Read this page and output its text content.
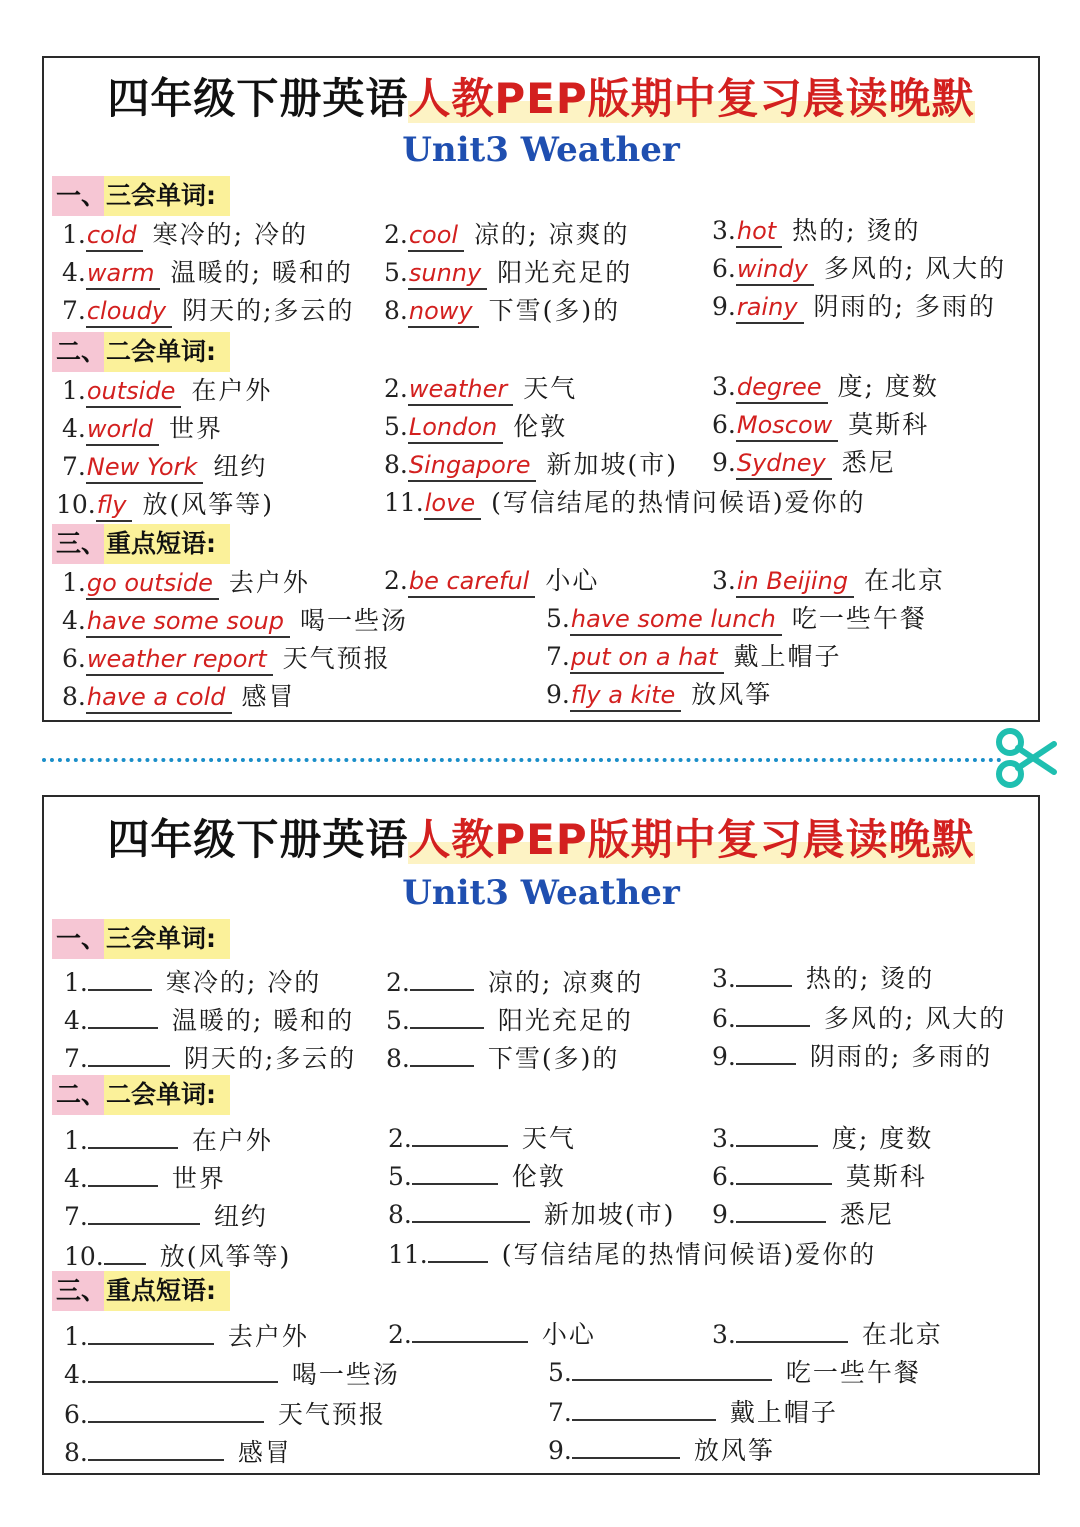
四年级下册英语人教PEP版期中复习晨读晚默
Unit3 Weather
一、三会单词:
二、二会单词:
三、重点短语:
1.cold 寒冷的; 冷的	2.cool 凉的; 凉爽的	3.hot 热的; 烫的
4.warm 温暖的; 暖和的 5.sunny 阳光充足的	6.windy 多风的; 风大的
7.cloudy 阴天的;多云的 8.nowy 下雪(多)的	9.rainy 阴雨的; 多雨的
1.outside 在户外	2.weather 天气	3.degree 度; 度数
4.world 世界	5.London 伦敦	6.Moscow 莫斯科
7.New York 纽约	8.Singapore 新加坡(市) 9.Sydney 悉尼
10.fly 放(风筝等)	11.love (写信结尾的热情问候语)爱你的
1.go outside 去户外	2.be careful 小心	3.in Beijing 在北京
4.have some soup 喝一些汤	5.have some lunch 吃一些午餐
6.weather report 天气预报	7.put on a hat 戴上帽子
8.have a cold 感冒	9.fly a kite 放风筝
四年级下册英语人教PEP版期中复习晨读晚默
Unit3 Weather
一、三会单词:
二、二会单词:
三、重点短语:
1.	寒冷的; 冷的	2.	凉的; 凉爽的	3.	热的; 烫的
4.	温暖的; 暖和的 5.	阳光充足的	6.	多风的; 风大的
7.	阴天的;多云的 8.	下雪(多)的	9.	阴雨的; 多雨的
1.	在户外	2.	天气	3.	度; 度数
4.	世界	5.	伦敦	6.	莫斯科
7.	纽约	8.	新加坡(市) 9.	悉尼
10. 放(风筝等)	11.	(写信结尾的热情问候语)爱你的
1.	去户外	2.	小心	3.	在北京
4.	喝一些汤	5.	吃一些午餐
6.	天气预报	7.	戴上帽子
8.	感冒	9.	放风筝
